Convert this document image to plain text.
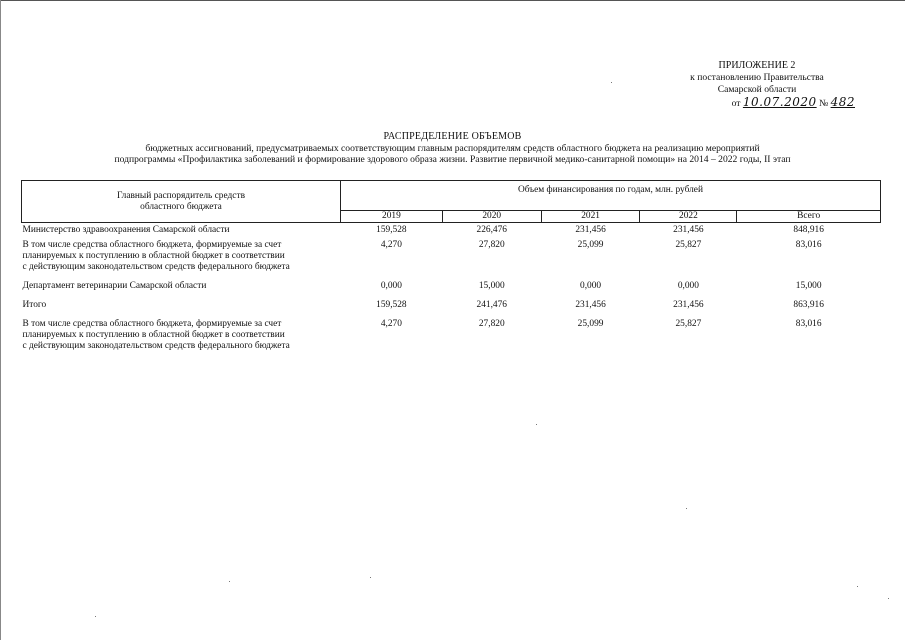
ПРИЛОЖЕНИЕ 2
к постановлению Правительства
Самарской области
от 10.07.2020 № 482
РАСПРЕДЕЛЕНИЕ ОБЪЕМОВ
бюджетных ассигнований, предусматриваемых соответствующим главным распорядителям средств областного бюджета на реализацию мероприятий
подпрограммы «Профилактика заболеваний и формирование здорового образа жизни. Развитие первичной медико-санитарной помощи» на 2014 – 2022 годы, II этап
Главный распорядитель средств
областного бюджета	Объем финансирования по годам, млн. рублей				
	2019	2020	2021	2022	Всего

Министерство здравоохранения Самарской области	159,528	226,476	231,456	231,456	848,916

В том числе средства областного бюджета, формируемые за счет
планируемых к поступлению в областной бюджет в соответствии
с действующим законодательством средств федерального бюджета	4,270	27,820	25,099	25,827	83,016

Департамент ветеринарии Самарской области	0,000	15,000	0,000	0,000	15,000

Итого	159,528	241,476	231,456	231,456	863,916

В том числе средства областного бюджета, формируемые за счет
планируемых к поступлению в областной бюджет в соответствии
с действующим законодательством средств федерального бюджета	4,270	27,820	25,099	25,827	83,016
